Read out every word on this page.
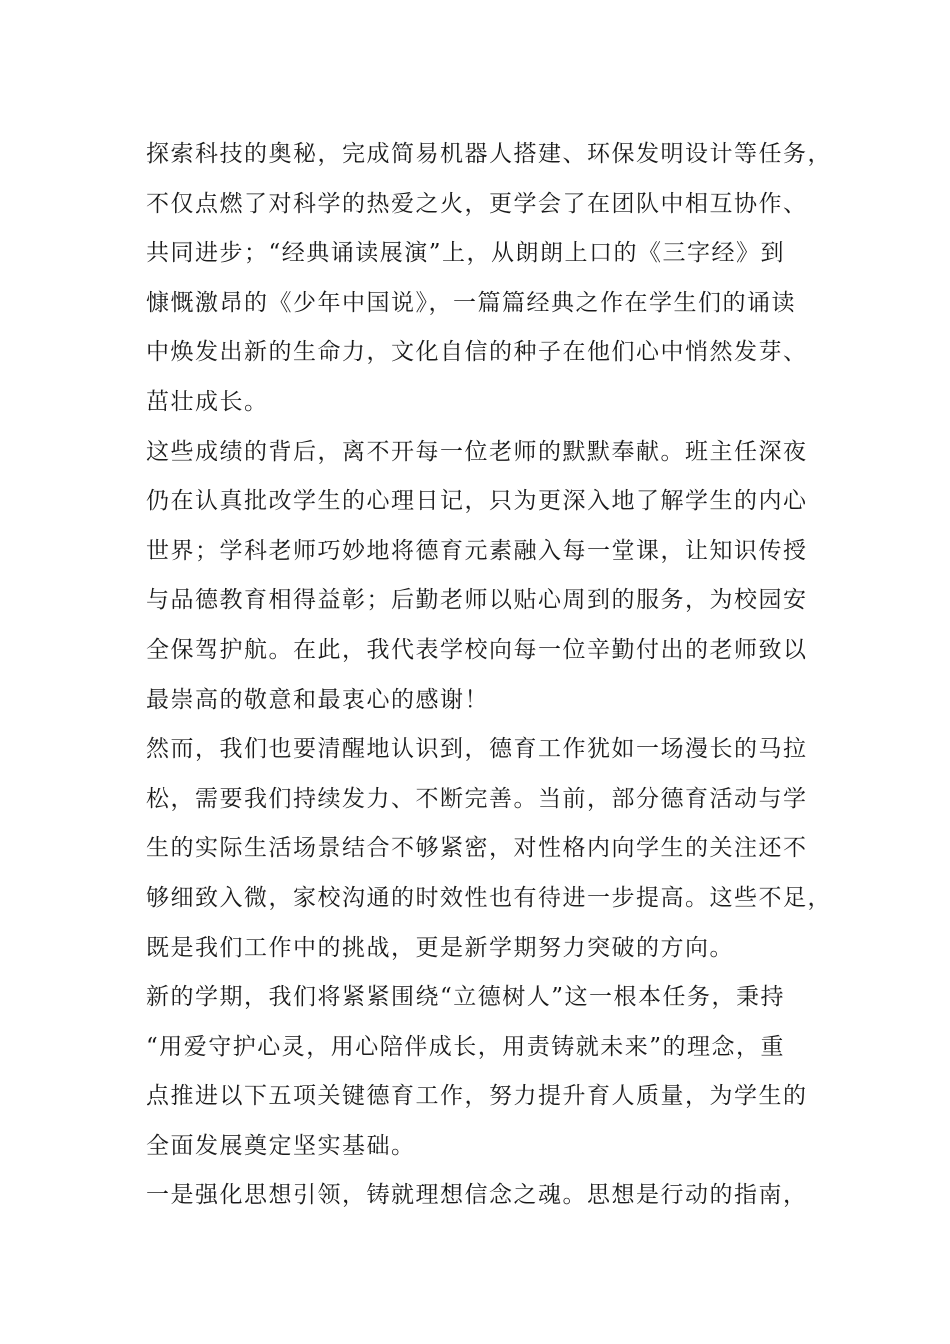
探索科技的奥秘，完成简易机器人搭建、环保发明设计等任务，
不仅点燃了对科学的热爱之火，更学会了在团队中相互协作、
共同进步；“经典诵读展演”上，从朗朗上口的《三字经》到
慷慨激昂的《少年中国说》，一篇篇经典之作在学生们的诵读
中焕发出新的生命力，文化自信的种子在他们心中悄然发芽、
茁壮成长。
这些成绩的背后，离不开每一位老师的默默奉献。班主任深夜
仍在认真批改学生的心理日记，只为更深入地了解学生的内心
世界；学科老师巧妙地将德育元素融入每一堂课，让知识传授
与品德教育相得益彰；后勤老师以贴心周到的服务，为校园安
全保驾护航。在此，我代表学校向每一位辛勤付出的老师致以
最崇高的敬意和最衷心的感谢！
然而，我们也要清醒地认识到，德育工作犹如一场漫长的马拉
松，需要我们持续发力、不断完善。当前，部分德育活动与学
生的实际生活场景结合不够紧密，对性格内向学生的关注还不
够细致入微，家校沟通的时效性也有待进一步提高。这些不足，
既是我们工作中的挑战，更是新学期努力突破的方向。
新的学期，我们将紧紧围绕“立德树人”这一根本任务，秉持
“用爱守护心灵，用心陪伴成长，用责铸就未来”的理念，重
点推进以下五项关键德育工作，努力提升育人质量，为学生的
全面发展奠定坚实基础。
一是强化思想引领，铸就理想信念之魂。思想是行动的指南，
